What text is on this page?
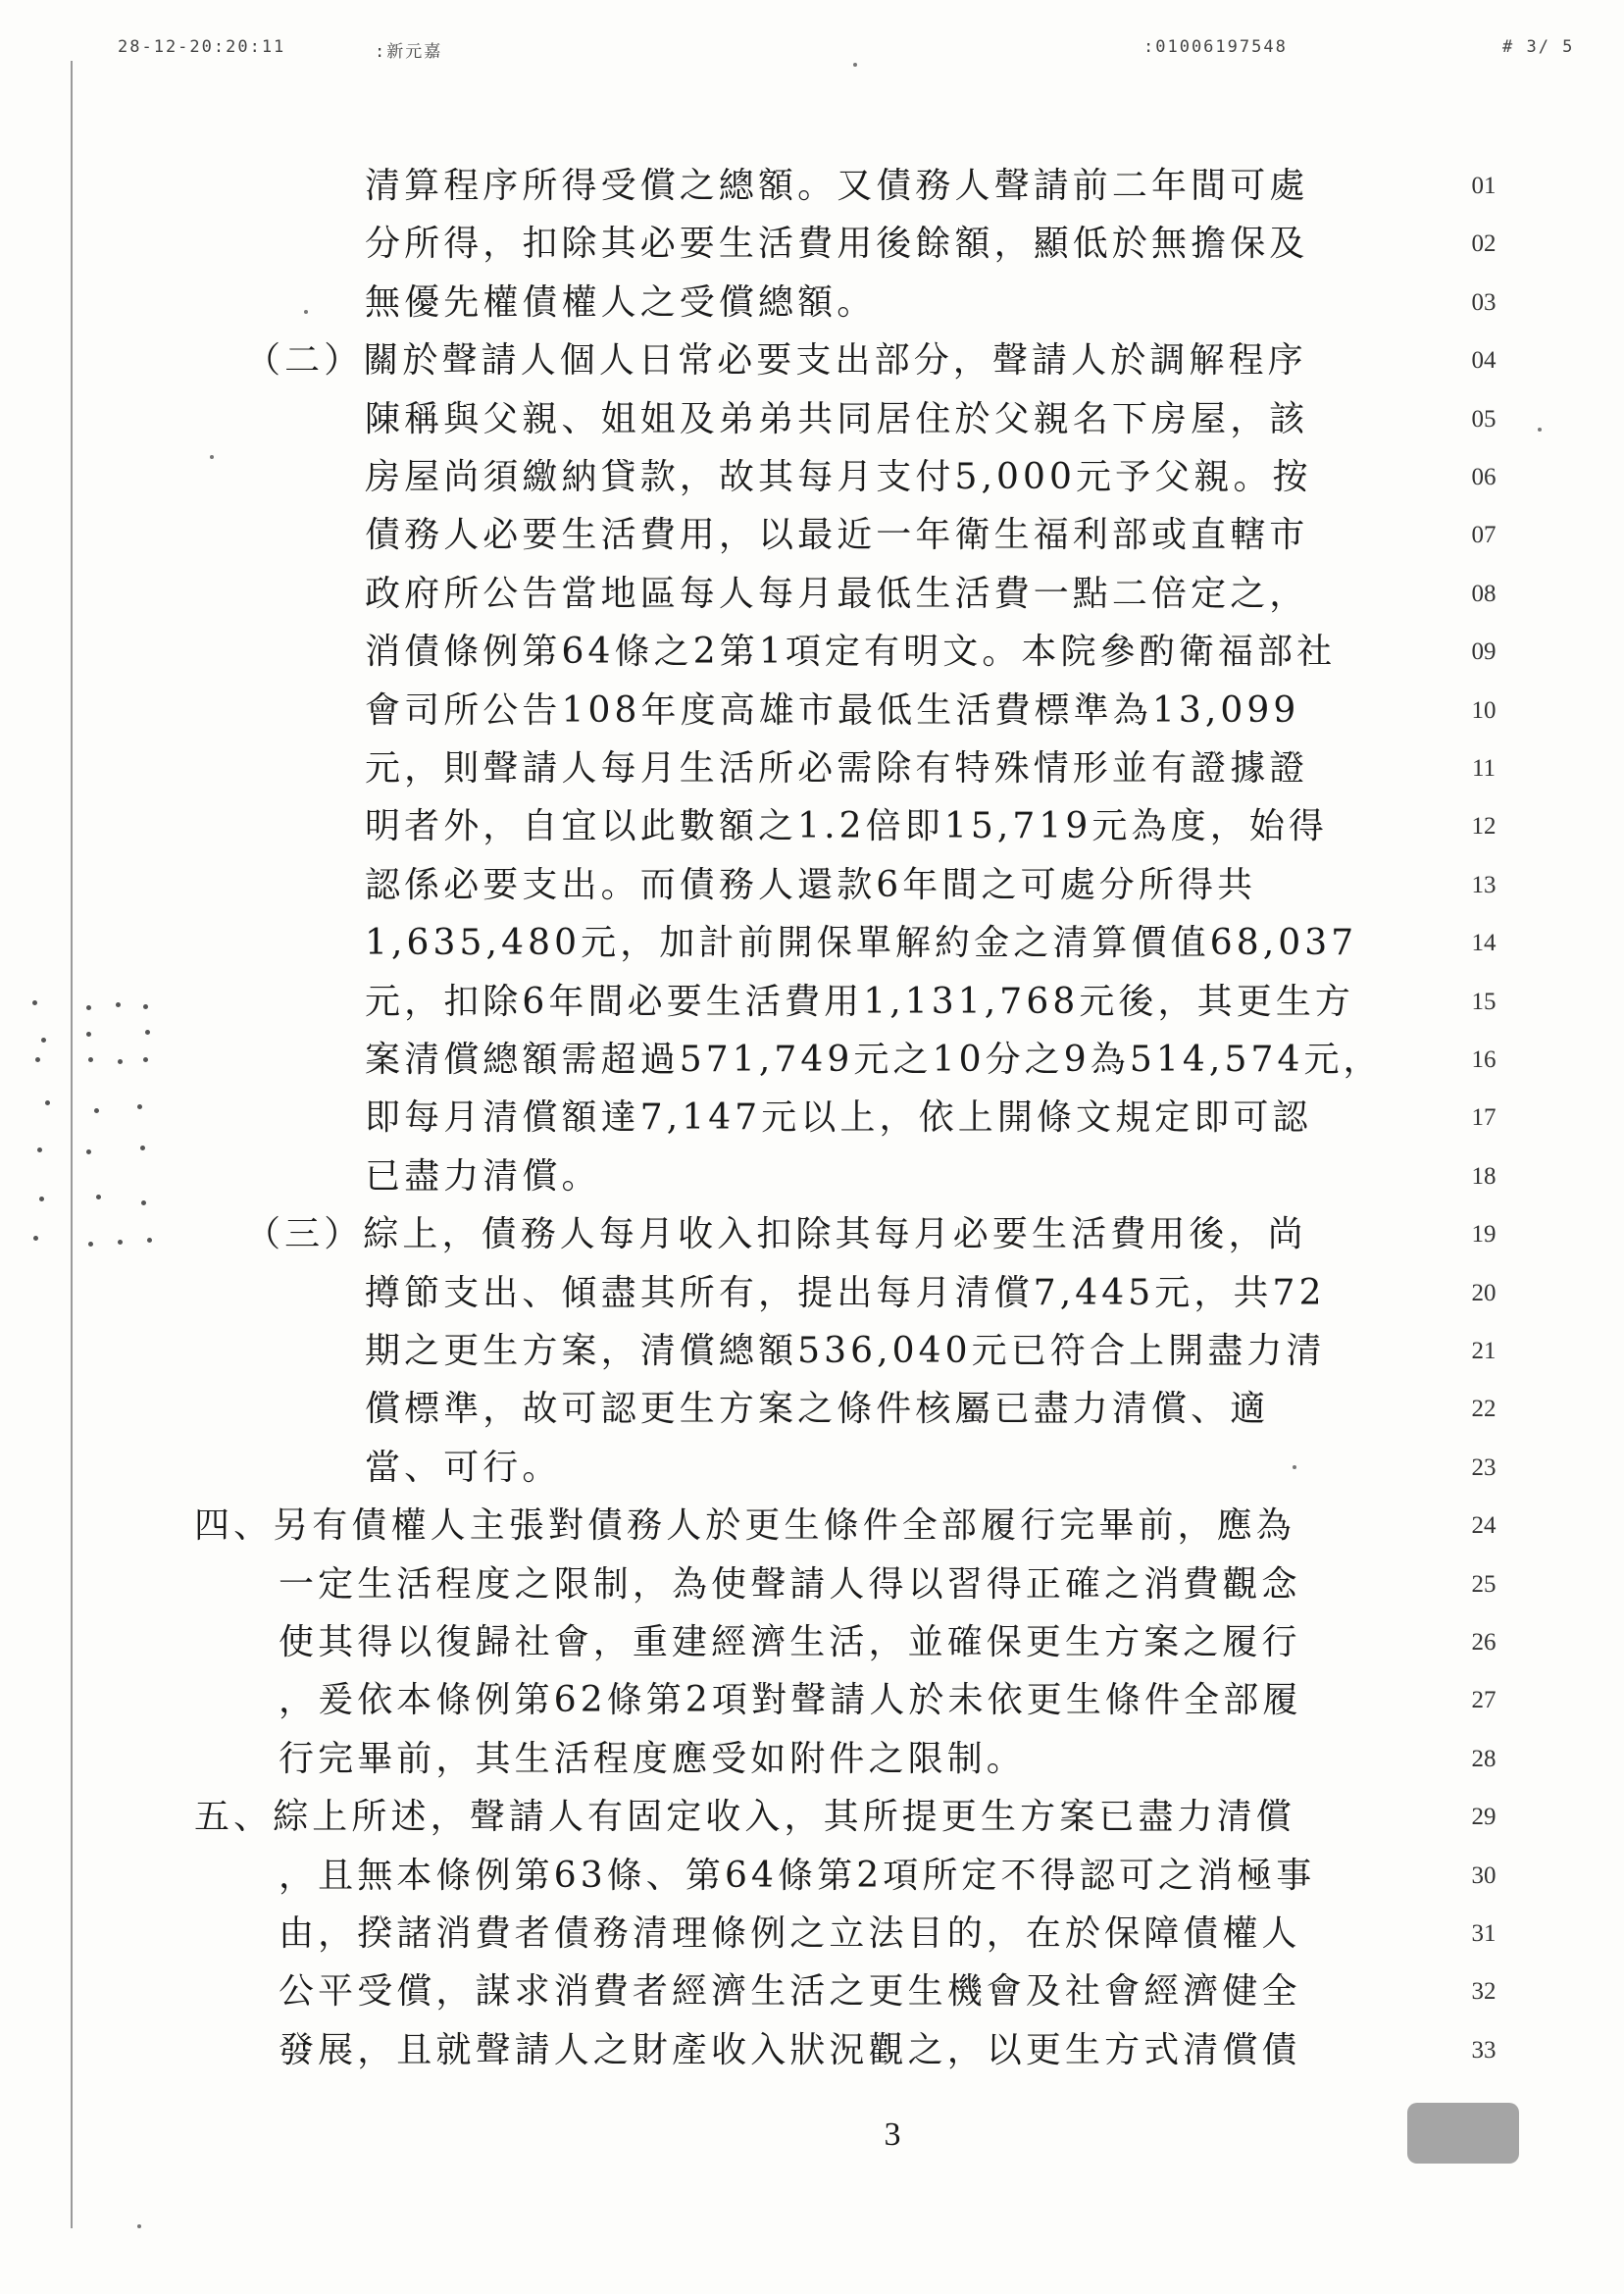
28-12-20:20:11	:新元嘉	:01006197548	# 3/ 5
清算程序所得受償之總額。又債務人聲請前二年間可處
分所得，扣除其必要生活費用後餘額，顯低於無擔保及
無優先權債權人之受償總額。
（二）關於聲請人個人日常必要支出部分，聲請人於調解程序
陳稱與父親、姐姐及弟弟共同居住於父親名下房屋，該
房屋尚須繳納貸款，故其每月支付5,000元予父親。按
債務人必要生活費用，以最近一年衛生福利部或直轄市
政府所公告當地區每人每月最低生活費一點二倍定之，
消債條例第64條之2第1項定有明文。本院參酌衛福部社
會司所公告108年度高雄市最低生活費標準為13,099
元，則聲請人每月生活所必需除有特殊情形並有證據證
明者外，自宜以此數額之1.2倍即15,719元為度，始得
認係必要支出。而債務人還款6年間之可處分所得共
1,635,480元，加計前開保單解約金之清算價值68,037
元，扣除6年間必要生活費用1,131,768元後，其更生方
案清償總額需超過571,749元之10分之9為514,574元，
即每月清償額達7,147元以上，依上開條文規定即可認
已盡力清償。
（三）綜上，債務人每月收入扣除其每月必要生活費用後，尚
撙節支出、傾盡其所有，提出每月清償7,445元，共72
期之更生方案，清償總額536,040元已符合上開盡力清
償標準，故可認更生方案之條件核屬已盡力清償、適
當、可行。
四、另有債權人主張對債務人於更生條件全部履行完畢前，應為
一定生活程度之限制，為使聲請人得以習得正確之消費觀念
使其得以復歸社會，重建經濟生活，並確保更生方案之履行
，爰依本條例第62條第2項對聲請人於未依更生條件全部履
行完畢前，其生活程度應受如附件之限制。
五、綜上所述，聲請人有固定收入，其所提更生方案已盡力清償
，且無本條例第63條、第64條第2項所定不得認可之消極事
由，揆諸消費者債務清理條例之立法目的，在於保障債權人
公平受償，謀求消費者經濟生活之更生機會及社會經濟健全
發展，且就聲請人之財產收入狀況觀之，以更生方式清償債
01
02
03
04
05
06
07
08
09
10
11
12
13
14
15
16
17
18
19
20
21
22
23
24
25
26
27
28
29
30
31
32
33
3
